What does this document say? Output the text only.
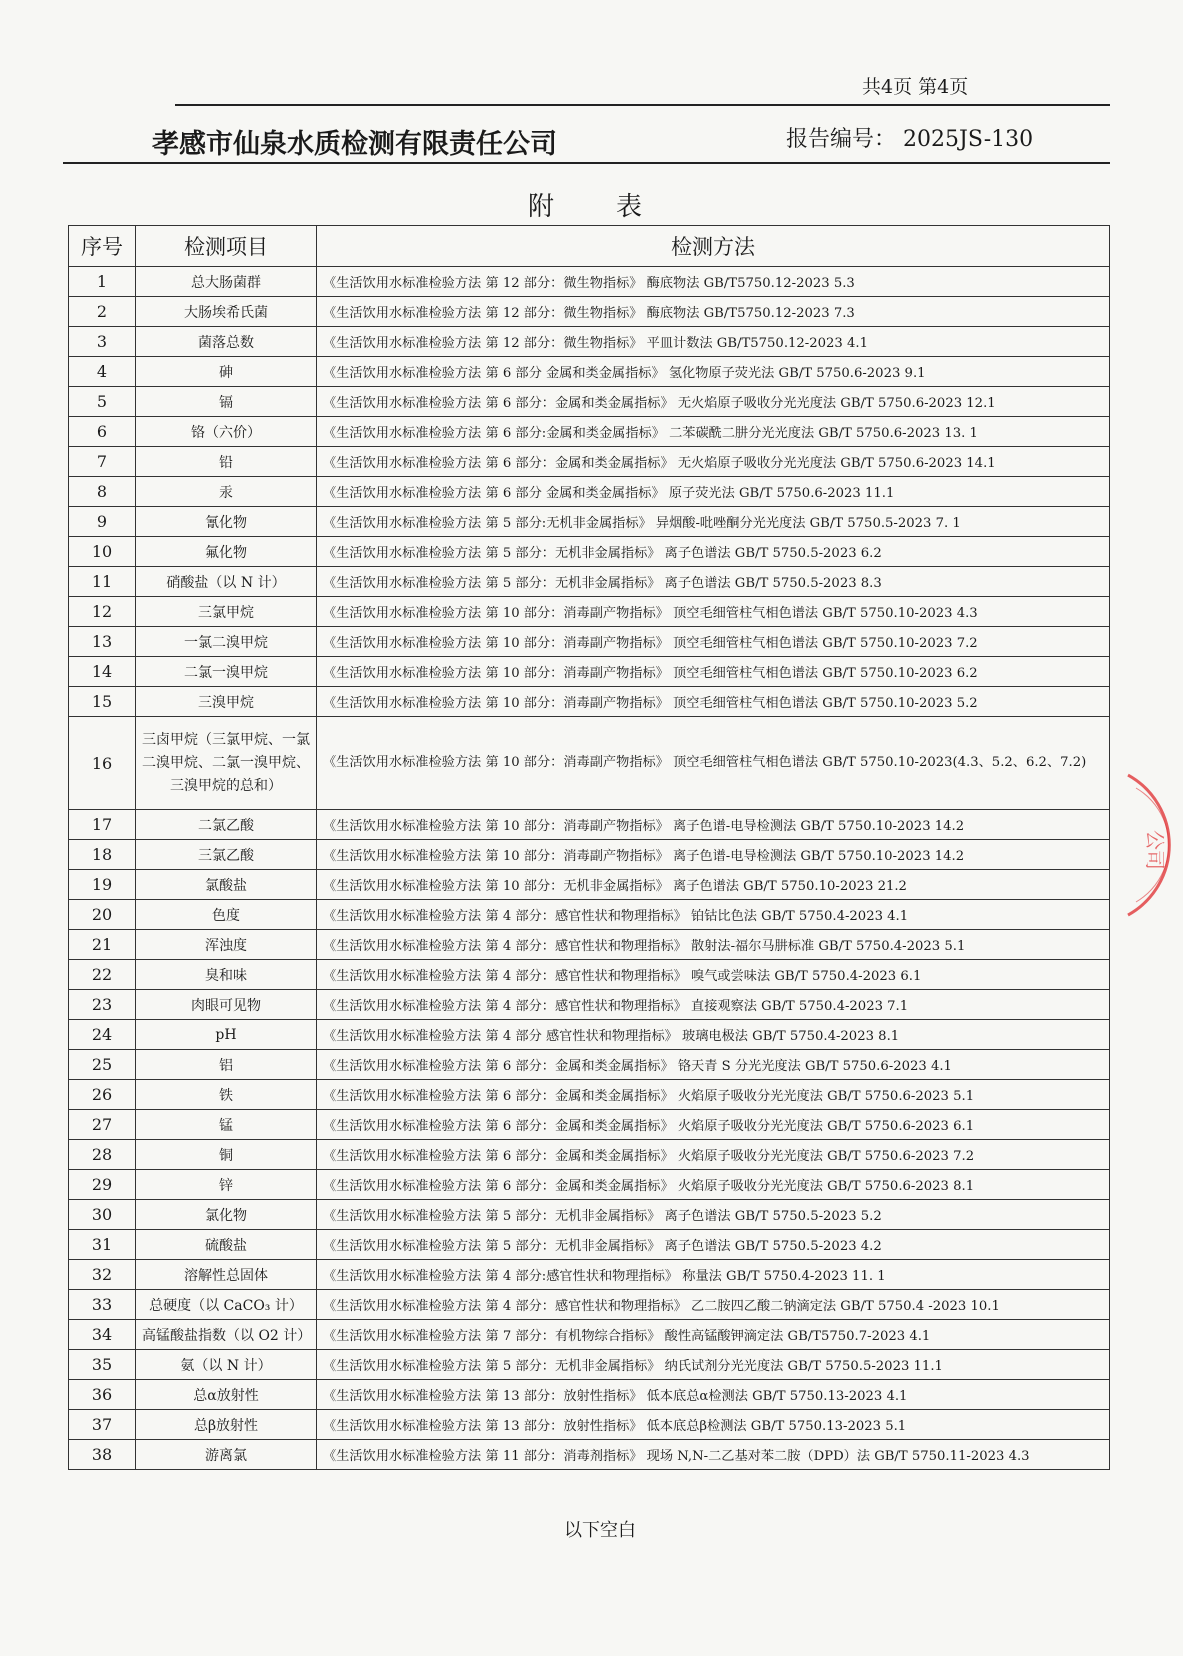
共4页 第4页
孝感市仙泉水质检测有限责任公司	报告编号： 2025JS-130
附表
序号	检测项目	检测方法
1	总大肠菌群	《生活饮用水标准检验方法 第 12 部分：微生物指标》 酶底物法 GB/T5750.12-2023 5.3
2	大肠埃希氏菌	《生活饮用水标准检验方法 第 12 部分：微生物指标》 酶底物法 GB/T5750.12-2023 7.3
3	菌落总数	《生活饮用水标准检验方法 第 12 部分：微生物指标》 平皿计数法 GB/T5750.12-2023 4.1
4	砷	《生活饮用水标准检验方法 第 6 部分 金属和类金属指标》 氢化物原子荧光法 GB/T 5750.6-2023 9.1
5	镉	《生活饮用水标准检验方法 第 6 部分：金属和类金属指标》 无火焰原子吸收分光光度法 GB/T 5750.6-2023 12.1
6	铬（六价）	《生活饮用水标准检验方法 第 6 部分:金属和类金属指标》 二苯碳酰二肼分光光度法 GB/T 5750.6-2023 13. 1
7	铅	《生活饮用水标准检验方法 第 6 部分：金属和类金属指标》 无火焰原子吸收分光光度法 GB/T 5750.6-2023 14.1
8	汞	《生活饮用水标准检验方法 第 6 部分 金属和类金属指标》 原子荧光法 GB/T 5750.6-2023 11.1
9	氰化物	《生活饮用水标准检验方法 第 5 部分:无机非金属指标》 异烟酸-吡唑酮分光光度法 GB/T 5750.5-2023 7. 1
10	氟化物	《生活饮用水标准检验方法 第 5 部分：无机非金属指标》 离子色谱法 GB/T 5750.5-2023 6.2
11	硝酸盐（以 N 计）	《生活饮用水标准检验方法 第 5 部分：无机非金属指标》 离子色谱法 GB/T 5750.5-2023 8.3
12	三氯甲烷	《生活饮用水标准检验方法 第 10 部分：消毒副产物指标》 顶空毛细管柱气相色谱法 GB/T 5750.10-2023 4.3
13	一氯二溴甲烷	《生活饮用水标准检验方法 第 10 部分：消毒副产物指标》 顶空毛细管柱气相色谱法 GB/T 5750.10-2023 7.2
14	二氯一溴甲烷	《生活饮用水标准检验方法 第 10 部分：消毒副产物指标》 顶空毛细管柱气相色谱法 GB/T 5750.10-2023 6.2
15	三溴甲烷	《生活饮用水标准检验方法 第 10 部分：消毒副产物指标》 顶空毛细管柱气相色谱法 GB/T 5750.10-2023 5.2
16	三卤甲烷（三氯甲烷、一氯二溴甲烷、二氯一溴甲烷、三溴甲烷的总和）	《生活饮用水标准检验方法 第 10 部分：消毒副产物指标》 顶空毛细管柱气相色谱法 GB/T 5750.10-2023(4.3、5.2、6.2、7.2)
17	二氯乙酸	《生活饮用水标准检验方法 第 10 部分：消毒副产物指标》 离子色谱-电导检测法 GB/T 5750.10-2023 14.2
18	三氯乙酸	《生活饮用水标准检验方法 第 10 部分：消毒副产物指标》 离子色谱-电导检测法 GB/T 5750.10-2023 14.2
19	氯酸盐	《生活饮用水标准检验方法 第 10 部分：无机非金属指标》 离子色谱法 GB/T 5750.10-2023 21.2
20	色度	《生活饮用水标准检验方法 第 4 部分：感官性状和物理指标》 铂钴比色法 GB/T 5750.4-2023 4.1
21	浑浊度	《生活饮用水标准检验方法 第 4 部分：感官性状和物理指标》 散射法-福尔马肼标准 GB/T 5750.4-2023 5.1
22	臭和味	《生活饮用水标准检验方法 第 4 部分：感官性状和物理指标》 嗅气或尝味法 GB/T 5750.4-2023 6.1
23	肉眼可见物	《生活饮用水标准检验方法 第 4 部分：感官性状和物理指标》 直接观察法 GB/T 5750.4-2023 7.1
24	pH	《生活饮用水标准检验方法 第 4 部分 感官性状和物理指标》 玻璃电极法 GB/T 5750.4-2023 8.1
25	铝	《生活饮用水标准检验方法 第 6 部分：金属和类金属指标》 铬天青 S 分光光度法 GB/T 5750.6-2023 4.1
26	铁	《生活饮用水标准检验方法 第 6 部分：金属和类金属指标》 火焰原子吸收分光光度法 GB/T 5750.6-2023 5.1
27	锰	《生活饮用水标准检验方法 第 6 部分：金属和类金属指标》 火焰原子吸收分光光度法 GB/T 5750.6-2023 6.1
28	铜	《生活饮用水标准检验方法 第 6 部分：金属和类金属指标》 火焰原子吸收分光光度法 GB/T 5750.6-2023 7.2
29	锌	《生活饮用水标准检验方法 第 6 部分：金属和类金属指标》 火焰原子吸收分光光度法 GB/T 5750.6-2023 8.1
30	氯化物	《生活饮用水标准检验方法 第 5 部分：无机非金属指标》 离子色谱法 GB/T 5750.5-2023 5.2
31	硫酸盐	《生活饮用水标准检验方法 第 5 部分：无机非金属指标》 离子色谱法 GB/T 5750.5-2023 4.2
32	溶解性总固体	《生活饮用水标准检验方法 第 4 部分:感官性状和物理指标》 称量法 GB/T 5750.4-2023 11. 1
33	总硬度（以 CaCO₃ 计）	《生活饮用水标准检验方法 第 4 部分：感官性状和物理指标》 乙二胺四乙酸二钠滴定法 GB/T 5750.4 -2023 10.1
34	高锰酸盐指数（以 O2 计）	《生活饮用水标准检验方法 第 7 部分：有机物综合指标》 酸性高锰酸钾滴定法 GB/T5750.7-2023 4.1
35	氨（以 N 计）	《生活饮用水标准检验方法 第 5 部分：无机非金属指标》 纳氏试剂分光光度法 GB/T 5750.5-2023 11.1
36	总α放射性	《生活饮用水标准检验方法 第 13 部分：放射性指标》 低本底总α检测法 GB/T 5750.13-2023 4.1
37	总β放射性	《生活饮用水标准检验方法 第 13 部分：放射性指标》 低本底总β检测法 GB/T 5750.13-2023 5.1
38	游离氯	《生活饮用水标准检验方法 第 11 部分：消毒剂指标》 现场 N,N-二乙基对苯二胺（DPD）法 GB/T 5750.11-2023 4.3
以下空白
公司
